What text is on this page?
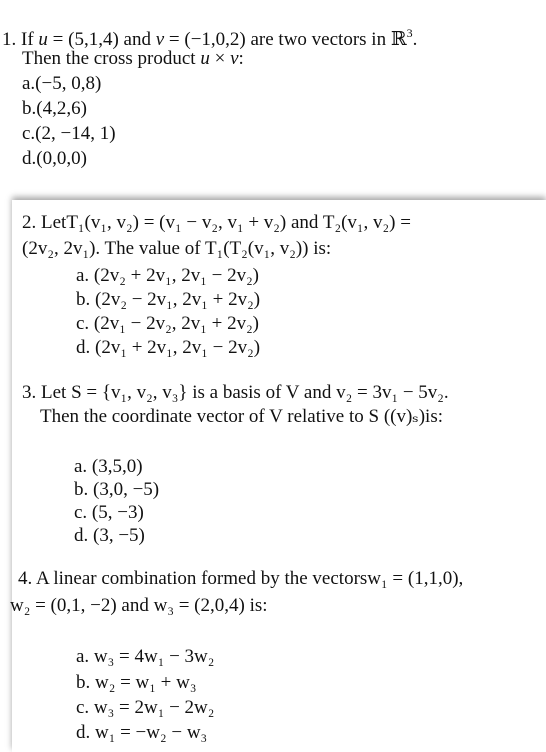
1. If u = (5,1,4) and v = (−1,0,2) are two vectors in ℝ$^3$.
Then the cross product u × v:
a.(−5, 0,8)
b.(4,2,6)
c.(2, −14, 1)
d.(0,0,0)
2. LetT₁(v₁, v₂) = (v₁ − v₂, v₁ + v₂) and T₂(v₁, v₂) =
(2v₂, 2v₁). The value of T₁(T₂(v₁, v₂)) is:
a. (2v₂ + 2v₁, 2v₁ − 2v₂)
b. (2v₂ − 2v₁, 2v₁ + 2v₂)
c. (2v₁ − 2v₂, 2v₁ + 2v₂)
d. (2v₁ + 2v₁, 2v₁ − 2v₂)
3. Let S = {v₁, v₂, v₃} is a basis of V and v₂ = 3v₁ − 5v₂.
Then the coordinate vector of V relative to S ((v)ₛ)is:
a. (3,5,0)
b. (3,0, −5)
c. (5, −3)
d. (3, −5)
4. A linear combination formed by the vectorsw₁ = (1,1,0),
w₂ = (0,1, −2) and w₃ = (2,0,4) is:
a. w₃ = 4w₁ − 3w₂
b. w₂ = w₁ + w₃
c. w₃ = 2w₁ − 2w₂
d. w₁ = −w₂ − w₃
